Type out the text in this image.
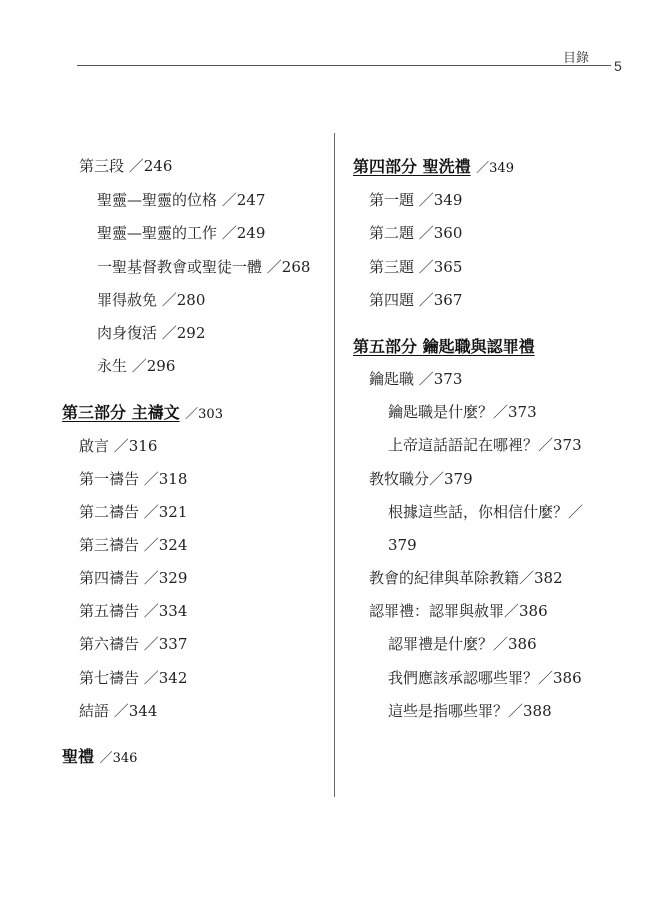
目錄 5
第三段 ／246
聖靈—聖靈的位格 ／247
聖靈—聖靈的工作 ／249
一聖基督教會或聖徒一體 ／268
罪得赦免 ／280
肉身復活 ／292
永生 ／296
第三部分 主禱文 ／303
啟言 ／316
第一禱告 ／318
第二禱告 ／321
第三禱告 ／324
第四禱告 ／329
第五禱告 ／334
第六禱告 ／337
第七禱告 ／342
結語 ／344
聖禮 ／346
第四部分 聖洗禮 ／349
第一題 ／349
第二題 ／360
第三題 ／365
第四題 ／367
第五部分 鑰匙職與認罪禮
鑰匙職 ／373
鑰匙職是什麼？／373
上帝這話語記在哪裡？／373
教牧職分／379
根據這些話，你相信什麼？／
379
教會的紀律與革除教籍／382
認罪禮：認罪與赦罪／386
認罪禮是什麼？／386
我們應該承認哪些罪？／386
這些是指哪些罪？／388
